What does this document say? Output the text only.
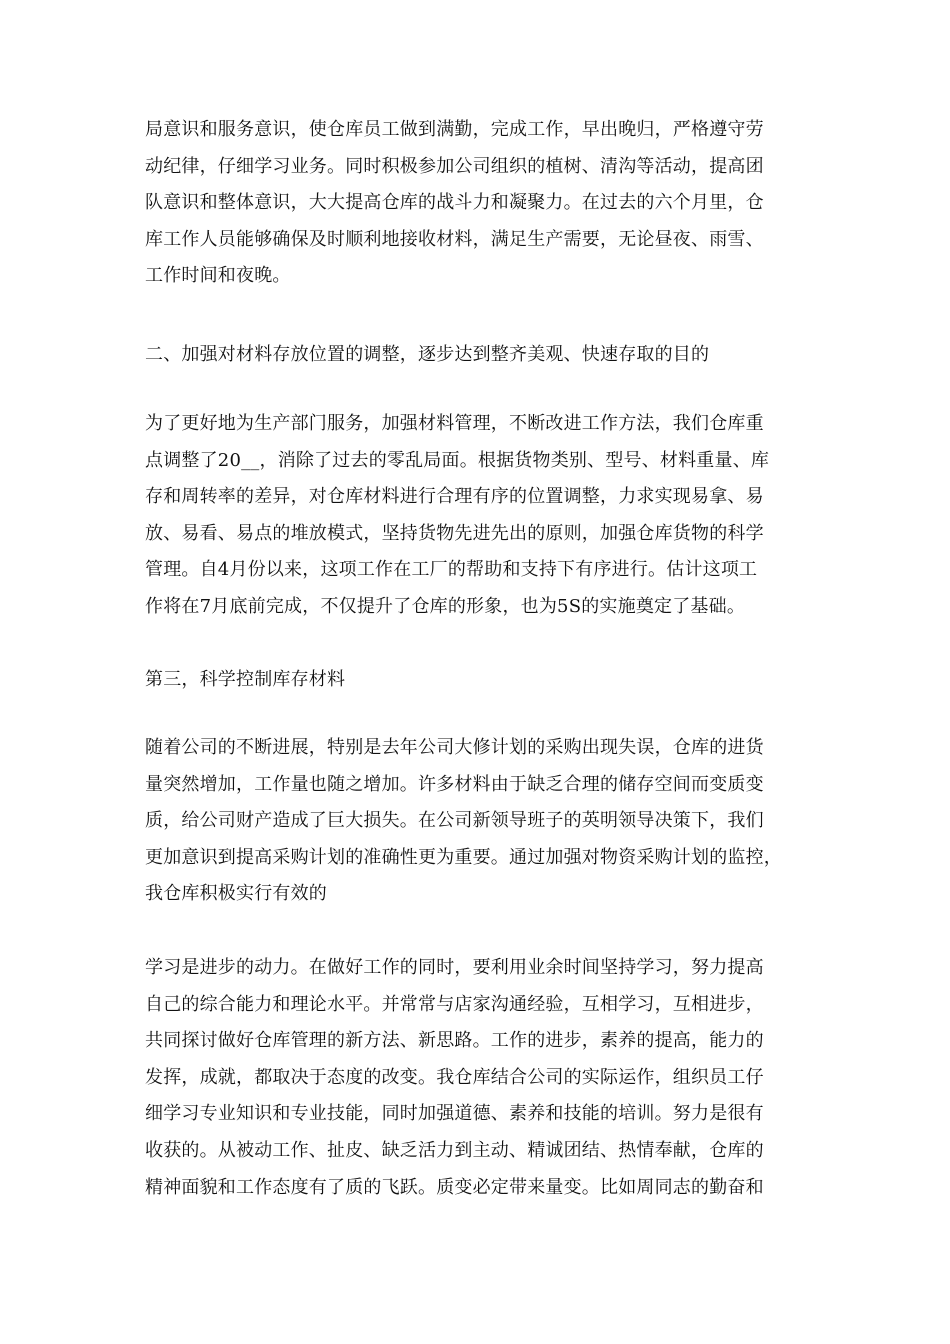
局意识和服务意识，使仓库员工做到满勤，完成工作，早出晚归，严格遵守劳
动纪律，仔细学习业务。同时积极参加公司组织的植树、清沟等活动，提高团
队意识和整体意识，大大提高仓库的战斗力和凝聚力。在过去的六个月里，仓
库工作人员能够确保及时顺利地接收材料，满足生产需要，无论昼夜、雨雪、
工作时间和夜晚。

二、加强对材料存放位置的调整，逐步达到整齐美观、快速存取的目的

为了更好地为生产部门服务，加强材料管理，不断改进工作方法，我们仓库重
点调整了20__，消除了过去的零乱局面。根据货物类别、型号、材料重量、库
存和周转率的差异，对仓库材料进行合理有序的位置调整，力求实现易拿、易
放、易看、易点的堆放模式，坚持货物先进先出的原则，加强仓库货物的科学
管理。自4月份以来，这项工作在工厂的帮助和支持下有序进行。估计这项工
作将在7月底前完成，不仅提升了仓库的形象，也为5S的实施奠定了基础。

第三，科学控制库存材料

随着公司的不断进展，特别是去年公司大修计划的采购出现失误，仓库的进货
量突然增加，工作量也随之增加。许多材料由于缺乏合理的储存空间而变质变
质，给公司财产造成了巨大损失。在公司新领导班子的英明领导决策下，我们
更加意识到提高采购计划的准确性更为重要。通过加强对物资采购计划的监控，
我仓库积极实行有效的

学习是进步的动力。在做好工作的同时，要利用业余时间坚持学习，努力提高
自己的综合能力和理论水平。并常常与店家沟通经验，互相学习，互相进步，
共同探讨做好仓库管理的新方法、新思路。工作的进步，素养的提高，能力的
发挥，成就，都取决于态度的改变。我仓库结合公司的实际运作，组织员工仔
细学习专业知识和专业技能，同时加强道德、素养和技能的培训。努力是很有
收获的。从被动工作、扯皮、缺乏活力到主动、精诚团结、热情奉献，仓库的
精神面貌和工作态度有了质的飞跃。质变必定带来量变。比如周同志的勤奋和
